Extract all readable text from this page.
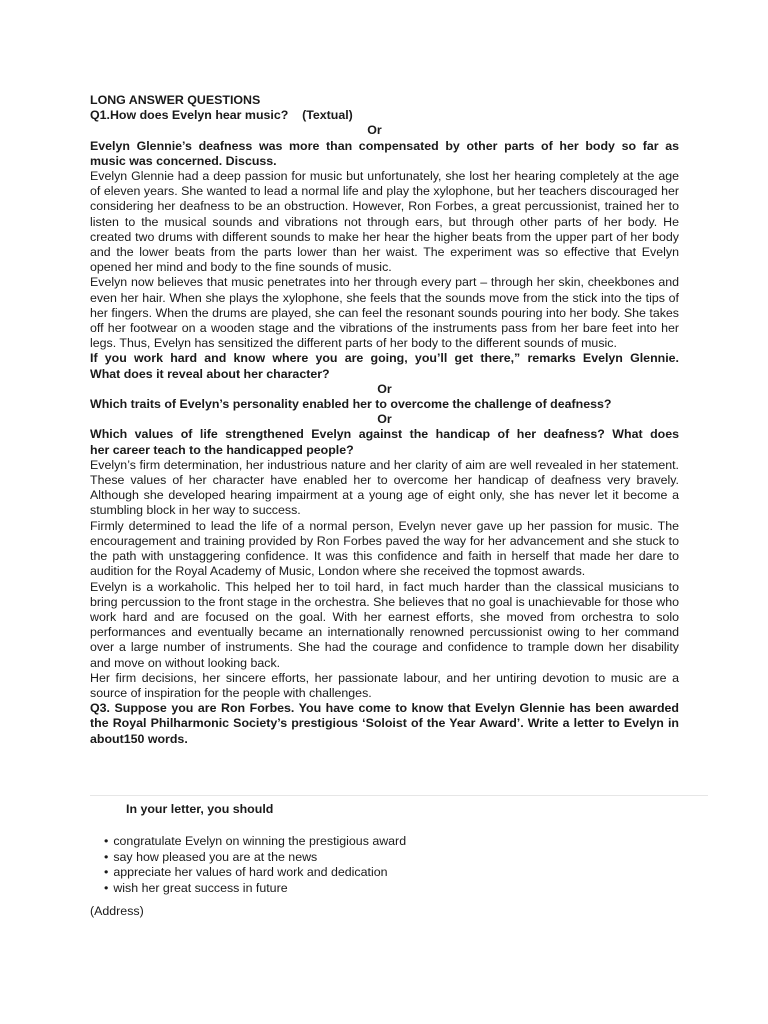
LONG ANSWER QUESTIONS

Q1.How does Evelyn hear music?    (Textual)

Or

Evelyn Glennie’s deafness was more than compensated by other parts of her body so far as

music was concerned. Discuss.

Evelyn Glennie had a deep passion for music but unfortunately, she lost her hearing completely at the age of eleven years. She wanted to lead a normal life and play the xylophone, but her teachers discouraged her considering her deafness to be an obstruction. However, Ron Forbes, a great percussionist, trained her to listen to the musical sounds and vibrations not through ears, but through other parts of her body. He created two drums with different sounds to make her hear the higher beats from the upper part of her body and the lower beats from the parts lower than her waist. The experiment was so effective that Evelyn opened her mind and body to the fine sounds of music.

Evelyn now believes that music penetrates into her through every part – through her skin, cheekbones and even her hair. When she plays the xylophone, she feels that the sounds move from the stick into the tips of her fingers. When the drums are played, she can feel the resonant sounds pouring into her body. She takes off her footwear on a wooden stage and the vibrations of the instruments pass from her bare feet into her legs. Thus, Evelyn has sensitized the different parts of her body to the different sounds of music.

If you work hard and know where you are going, you’ll get there,” remarks Evelyn Glennie.

What does it reveal about her character?

Or

Which traits of Evelyn’s personality enabled her to overcome the challenge of deafness?

Or

Which values of life strengthened Evelyn against the handicap of her deafness? What does

her career teach to the handicapped people?

Evelyn’s firm determination, her industrious nature and her clarity of aim are well revealed in her statement. These values of her character have enabled her to overcome her handicap of deafness very bravely. Although she developed hearing impairment at a young age of eight only, she has never let it become a stumbling block in her way to success.

Firmly determined to lead the life of a normal person, Evelyn never gave up her passion for music. The encouragement and training provided by Ron Forbes paved the way for her advancement and she stuck to the path with unstaggering confidence. It was this confidence and faith in herself that made her dare to audition for the Royal Academy of Music, London where she received the topmost awards.

Evelyn is a workaholic. This helped her to toil hard, in fact much harder than the classical musicians to bring percussion to the front stage in the orchestra. She believes that no goal is unachievable for those who work hard and are focused on the goal. With her earnest efforts, she moved from orchestra to solo performances and eventually became an internationally renowned percussionist owing to her command over a large number of instruments. She had the courage and confidence to trample down her disability and move on without looking back.

Her firm decisions, her sincere efforts, her passionate labour, and her untiring devotion to music are a source of inspiration for the people with challenges.

Q3. Suppose you are Ron Forbes. You have come to know that Evelyn Glennie has been awarded the Royal Philharmonic Society’s prestigious ‘Soloist of the Year Award’. Write a letter to Evelyn in about150 words.

In your letter, you should
• congratulate Evelyn on winning the prestigious award
• say how pleased you are at the news
• appreciate her values of hard work and dedication
• wish her great success in future
(Address)
